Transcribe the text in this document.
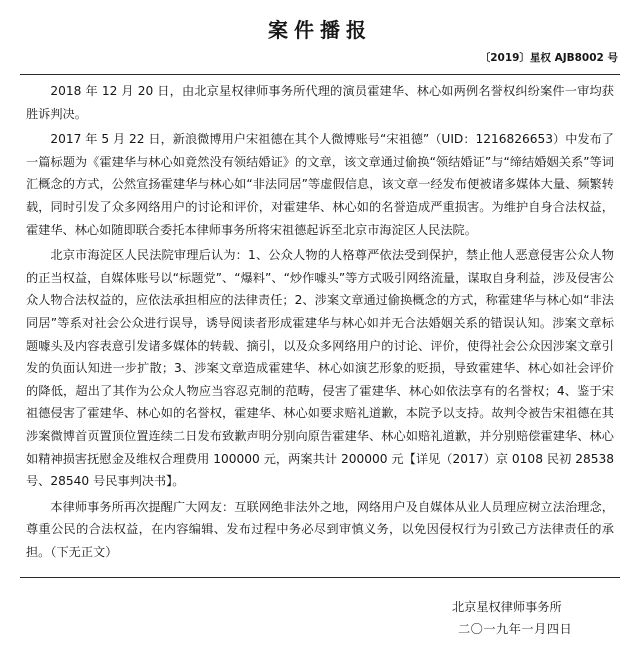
案件播报
〔2019〕星权 AJB8002 号

2018 年 12 月 20 日，由北京星权律师事务所代理的演员霍建华、林心如两例名誉权纠纷案件一审均获胜诉判决。

2017 年 5 月 22 日，新浪微博用户宋祖德在其个人微博账号“宋祖德”（UID：1216826653）中发布了一篇标题为《霍建华与林心如竟然没有领结婚证》的文章，该文章通过偷换“领结婚证”与“缔结婚姻关系”等词汇概念的方式，公然宣扬霍建华与林心如“非法同居”等虚假信息，该文章一经发布便被诸多媒体大量、频繁转载，同时引发了众多网络用户的讨论和评价，对霍建华、林心如的名誉造成严重损害。为维护自身合法权益，霍建华、林心如随即联合委托本律师事务所将宋祖德起诉至北京市海淀区人民法院。

北京市海淀区人民法院审理后认为：1、公众人物的人格尊严依法受到保护，禁止他人恶意侵害公众人物的正当权益，自媒体账号以“标题党”、“爆料”、“炒作噱头”等方式吸引网络流量，谋取自身利益，涉及侵害公众人物合法权益的，应依法承担相应的法律责任；2、涉案文章通过偷换概念的方式，称霍建华与林心如“非法同居”等系对社会公众进行误导，诱导阅读者形成霍建华与林心如并无合法婚姻关系的错误认知。涉案文章标题噱头及内容表意引发诸多媒体的转载、摘引，以及众多网络用户的讨论、评价，使得社会公众因涉案文章引发的负面认知进一步扩散；3、涉案文章造成霍建华、林心如演艺形象的贬损，导致霍建华、林心如社会评价的降低，超出了其作为公众人物应当容忍克制的范畴，侵害了霍建华、林心如依法享有的名誉权；4、鉴于宋祖德侵害了霍建华、林心如的名誉权，霍建华、林心如要求赔礼道歉，本院予以支持。故判令被告宋祖德在其涉案微博首页置顶位置连续二日发布致歉声明分别向原告霍建华、林心如赔礼道歉，并分别赔偿霍建华、林心如精神损害抚慰金及维权合理费用 100000 元，两案共计 200000 元【详见（2017）京 0108 民初 28538 号、28540 号民事判决书】。

本律师事务所再次提醒广大网友：互联网绝非法外之地，网络用户及自媒体从业人员理应树立法治理念，尊重公民的合法权益，在内容编辑、发布过程中务必尽到审慎义务，以免因侵权行为引致己方法律责任的承担。（下无正文）

北京星权律师事务所
二〇一九年一月四日
